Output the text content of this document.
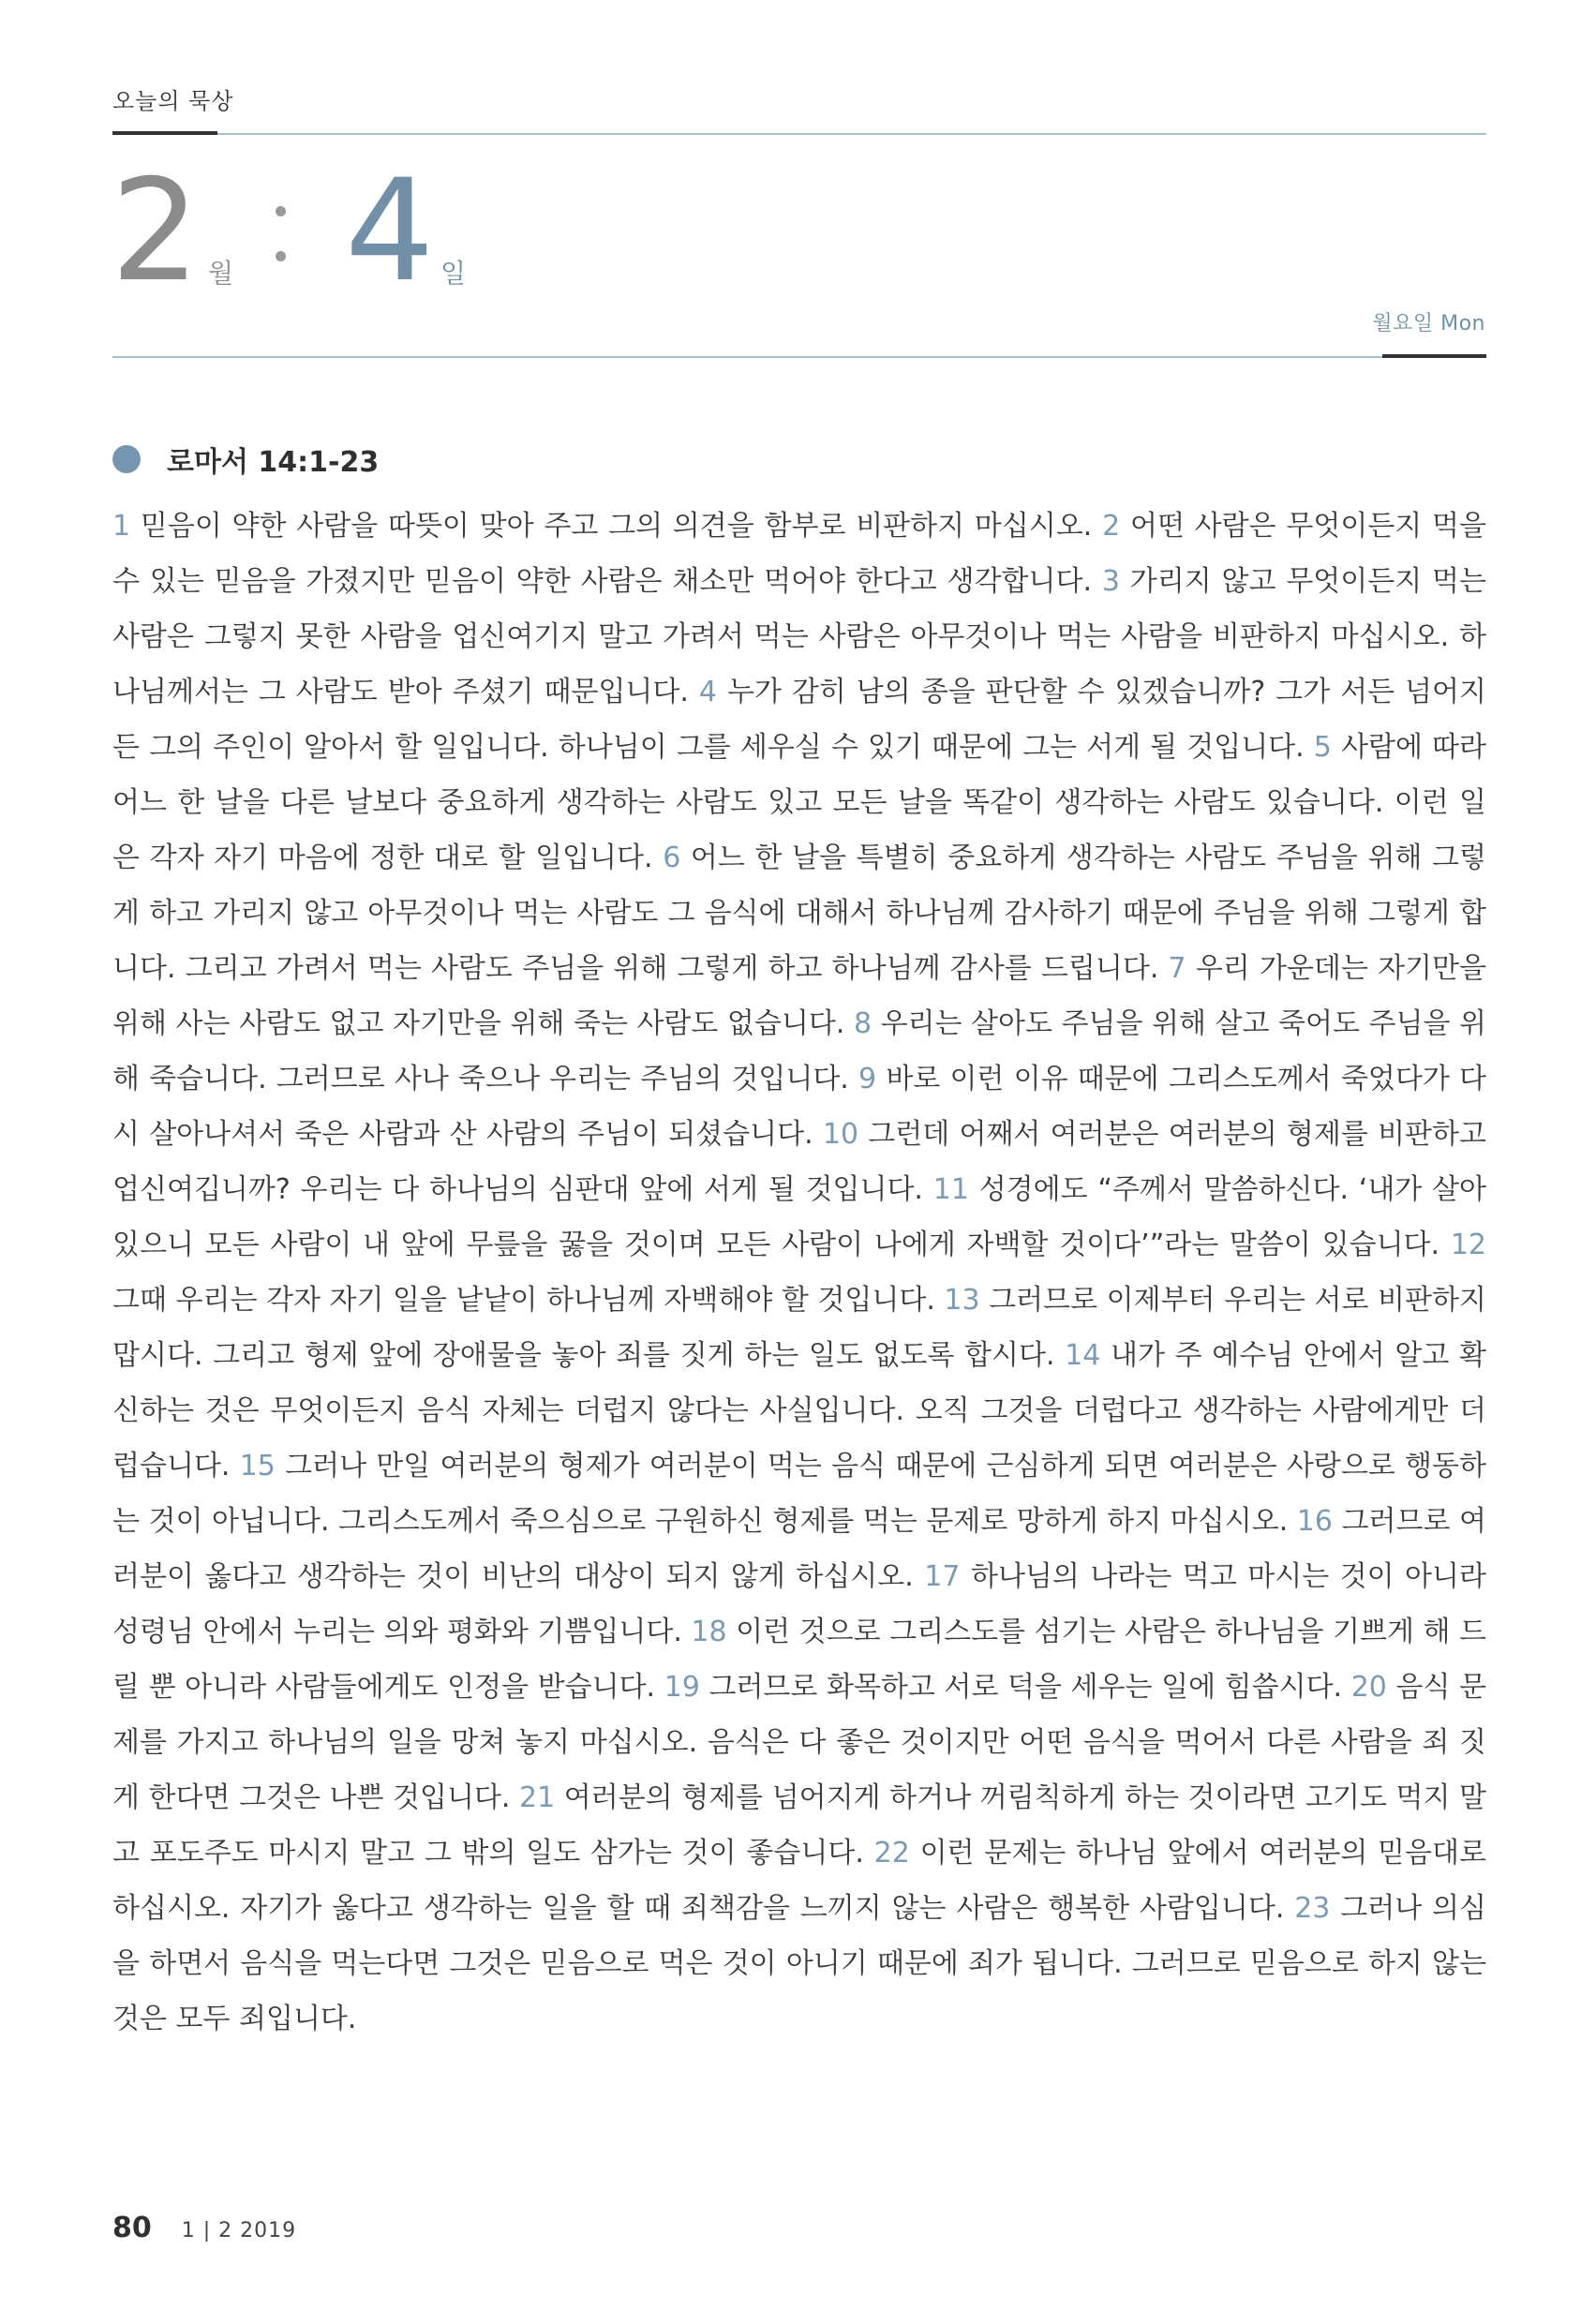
오늘의 묵상
2 월 4 일
월요일 Mon
로마서 14:1-23
1 믿음이 약한 사람을 따뜻이 맞아 주고 그의 의견을 함부로 비판하지 마십시오. 2 어떤 사람은 무엇이든지 먹을 수 있는 믿음을 가졌지만 믿음이 약한 사람은 채소만 먹어야 한다고 생각합니다. 3 가리지 않고 무엇이든지 먹는 사람은 그렇지 못한 사람을 업신여기지 말고 가려서 먹는 사람은 아무것이나 먹는 사람을 비판하지 마십시오. 하나님께서는 그 사람도 받아 주셨기 때문입니다. 4 누가 감히 남의 종을 판단할 수 있겠습니까? 그가 서든 넘어지든 그의 주인이 알아서 할 일입니다. 하나님이 그를 세우실 수 있기 때문에 그는 서게 될 것입니다. 5 사람에 따라 어느 한 날을 다른 날보다 중요하게 생각하는 사람도 있고 모든 날을 똑같이 생각하는 사람도 있습니다. 이런 일은 각자 자기 마음에 정한 대로 할 일입니다. 6 어느 한 날을 특별히 중요하게 생각하는 사람도 주님을 위해 그렇게 하고 가리지 않고 아무것이나 먹는 사람도 그 음식에 대해서 하나님께 감사하기 때문에 주님을 위해 그렇게 합니다. 그리고 가려서 먹는 사람도 주님을 위해 그렇게 하고 하나님께 감사를 드립니다. 7 우리 가운데는 자기만을 위해 사는 사람도 없고 자기만을 위해 죽는 사람도 없습니다. 8 우리는 살아도 주님을 위해 살고 죽어도 주님을 위해 죽습니다. 그러므로 사나 죽으나 우리는 주님의 것입니다. 9 바로 이런 이유 때문에 그리스도께서 죽었다가 다시 살아나셔서 죽은 사람과 산 사람의 주님이 되셨습니다. 10 그런데 어째서 여러분은 여러분의 형제를 비판하고 업신여깁니까? 우리는 다 하나님의 심판대 앞에 서게 될 것입니다. 11 성경에도 “주께서 말씀하신다. ‘내가 살아 있으니 모든 사람이 내 앞에 무릎을 꿇을 것이며 모든 사람이 나에게 자백할 것이다’”라는 말씀이 있습니다. 12 그때 우리는 각자 자기 일을 낱낱이 하나님께 자백해야 할 것입니다. 13 그러므로 이제부터 우리는 서로 비판하지 맙시다. 그리고 형제 앞에 장애물을 놓아 죄를 짓게 하는 일도 없도록 합시다. 14 내가 주 예수님 안에서 알고 확신하는 것은 무엇이든지 음식 자체는 더럽지 않다는 사실입니다. 오직 그것을 더럽다고 생각하는 사람에게만 더럽습니다. 15 그러나 만일 여러분의 형제가 여러분이 먹는 음식 때문에 근심하게 되면 여러분은 사랑으로 행동하는 것이 아닙니다. 그리스도께서 죽으심으로 구원하신 형제를 먹는 문제로 망하게 하지 마십시오. 16 그러므로 여러분이 옳다고 생각하는 것이 비난의 대상이 되지 않게 하십시오. 17 하나님의 나라는 먹고 마시는 것이 아니라 성령님 안에서 누리는 의와 평화와 기쁨입니다. 18 이런 것으로 그리스도를 섬기는 사람은 하나님을 기쁘게 해 드릴 뿐 아니라 사람들에게도 인정을 받습니다. 19 그러므로 화목하고 서로 덕을 세우는 일에 힘씁시다. 20 음식 문제를 가지고 하나님의 일을 망쳐 놓지 마십시오. 음식은 다 좋은 것이지만 어떤 음식을 먹어서 다른 사람을 죄 짓게 한다면 그것은 나쁜 것입니다. 21 여러분의 형제를 넘어지게 하거나 꺼림칙하게 하는 것이라면 고기도 먹지 말고 포도주도 마시지 말고 그 밖의 일도 삼가는 것이 좋습니다. 22 이런 문제는 하나님 앞에서 여러분의 믿음대로 하십시오. 자기가 옳다고 생각하는 일을 할 때 죄책감을 느끼지 않는 사람은 행복한 사람입니다. 23 그러나 의심을 하면서 음식을 먹는다면 그것은 믿음으로 먹은 것이 아니기 때문에 죄가 됩니다. 그러므로 믿음으로 하지 않는 것은 모두 죄입니다.
80 1 | 2 2019
